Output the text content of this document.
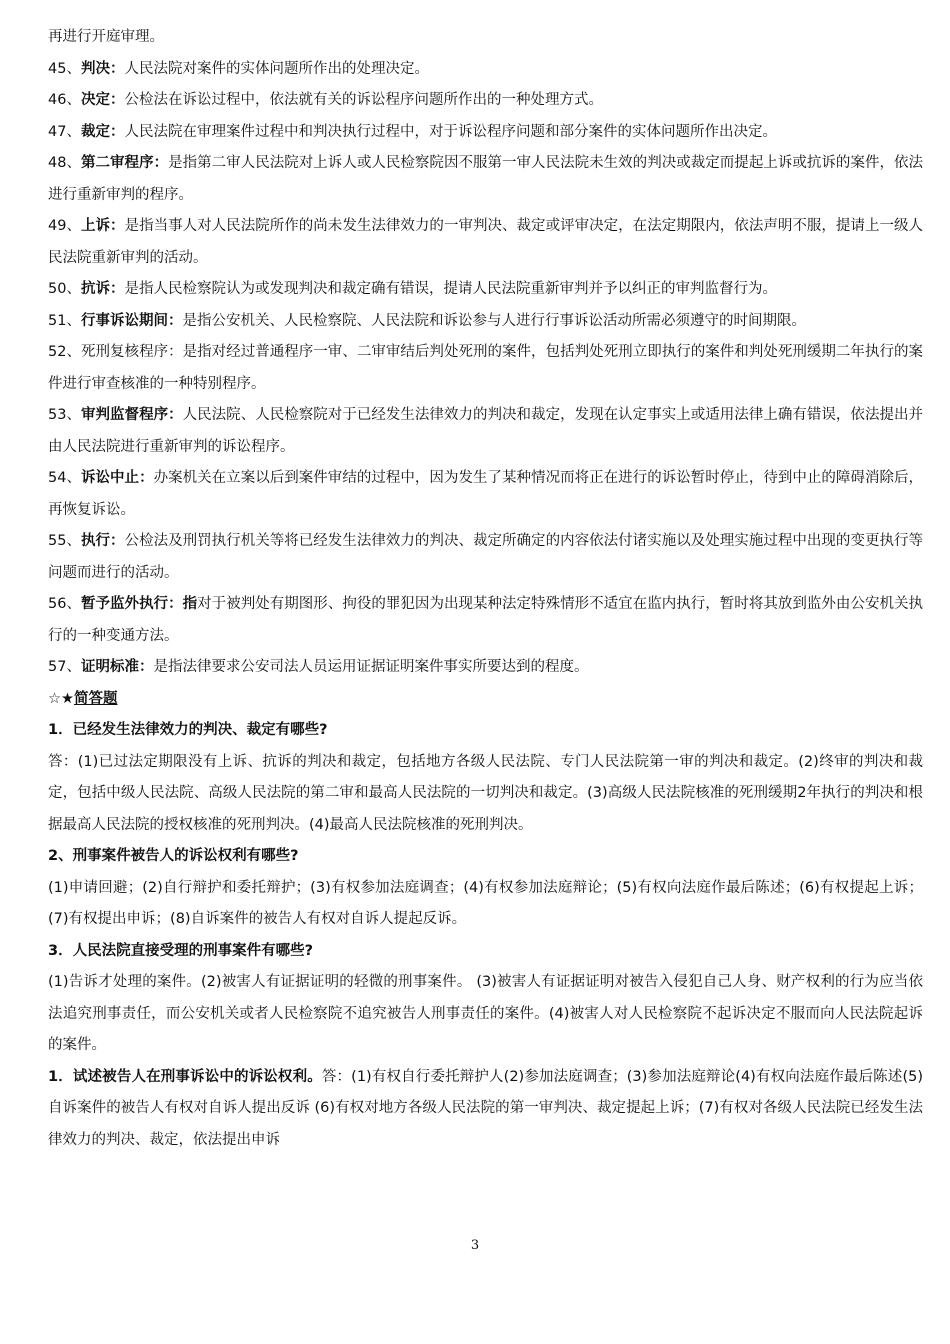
再进行开庭审理。

45、判决：人民法院对案件的实体问题所作出的处理决定。

46、决定：公检法在诉讼过程中，依法就有关的诉讼程序问题所作出的一种处理方式。

47、裁定：人民法院在审理案件过程中和判决执行过程中，对于诉讼程序问题和部分案件的实体问题所作出决定。

48、第二审程序：是指第二审人民法院对上诉人或人民检察院因不服第一审人民法院未生效的判决或裁定而提起上诉或抗诉的案件，依法进行重新审判的程序。

49、上诉：是指当事人对人民法院所作的尚未发生法律效力的一审判决、裁定或评审决定，在法定期限内，依法声明不服，提请上一级人民法院重新审判的活动。

50、抗诉：是指人民检察院认为或发现判决和裁定确有错误，提请人民法院重新审判并予以纠正的审判监督行为。

51、行事诉讼期间：是指公安机关、人民检察院、人民法院和诉讼参与人进行行事诉讼活动所需必须遵守的时间期限。

52、死刑复核程序：是指对经过普通程序一审、二审审结后判处死刑的案件，包括判处死刑立即执行的案件和判处死刑缓期二年执行的案件进行审查核准的一种特别程序。

53、审判监督程序：人民法院、人民检察院对于已经发生法律效力的判决和裁定，发现在认定事实上或适用法律上确有错误，依法提出并由人民法院进行重新审判的诉讼程序。

54、诉讼中止：办案机关在立案以后到案件审结的过程中，因为发生了某种情况而将正在进行的诉讼暂时停止，待到中止的障碍消除后，再恢复诉讼。

55、执行：公检法及刑罚执行机关等将已经发生法律效力的判决、裁定所确定的内容依法付诸实施以及处理实施过程中出现的变更执行等问题而进行的活动。

56、暂予监外执行：指对于被判处有期图形、拘役的罪犯因为出现某种法定特殊情形不适宜在监内执行，暂时将其放到监外由公安机关执行的一种变通方法。

57、证明标准：是指法律要求公安司法人员运用证据证明案件事实所要达到的程度。

☆★简答题

1．已经发生法律效力的判决、裁定有哪些?

答：(1)已过法定期限没有上诉、抗诉的判决和裁定，包括地方各级人民法院、专门人民法院第一审的判决和裁定。(2)终审的判决和裁定，包括中级人民法院、高级人民法院的第二审和最高人民法院的一切判决和裁定。(3)高级人民法院核准的死刑缓期2年执行的判决和根据最高人民法院的授权核准的死刑判决。(4)最高人民法院核准的死刑判决。

2、刑事案件被告人的诉讼权利有哪些?

(1)申请回避；(2)自行辩护和委托辩护；(3)有权参加法庭调查；(4)有权参加法庭辩论；(5)有权向法庭作最后陈述；(6)有权提起上诉； (7)有权提出申诉；(8)自诉案件的被告人有权对自诉人提起反诉。

3．人民法院直接受理的刑事案件有哪些?

(1)告诉才处理的案件。(2)被害人有证据证明的轻微的刑事案件。 (3)被害人有证据证明对被告入侵犯自己人身、财产权利的行为应当依法追究刑事责任，而公安机关或者人民检察院不追究被告人刑事责任的案件。(4)被害人对人民检察院不起诉决定不服而向人民法院起诉的案件。

1．试述被告人在刑事诉讼中的诉讼权利。答：(1)有权自行委托辩护人(2)参加法庭调查；(3)参加法庭辩论(4)有权向法庭作最后陈述(5)自诉案件的被告人有权对自诉人提出反诉 (6)有权对地方各级人民法院的第一审判决、裁定提起上诉；(7)有权对各级人民法院已经发生法律效力的判决、裁定，依法提出申诉

3
